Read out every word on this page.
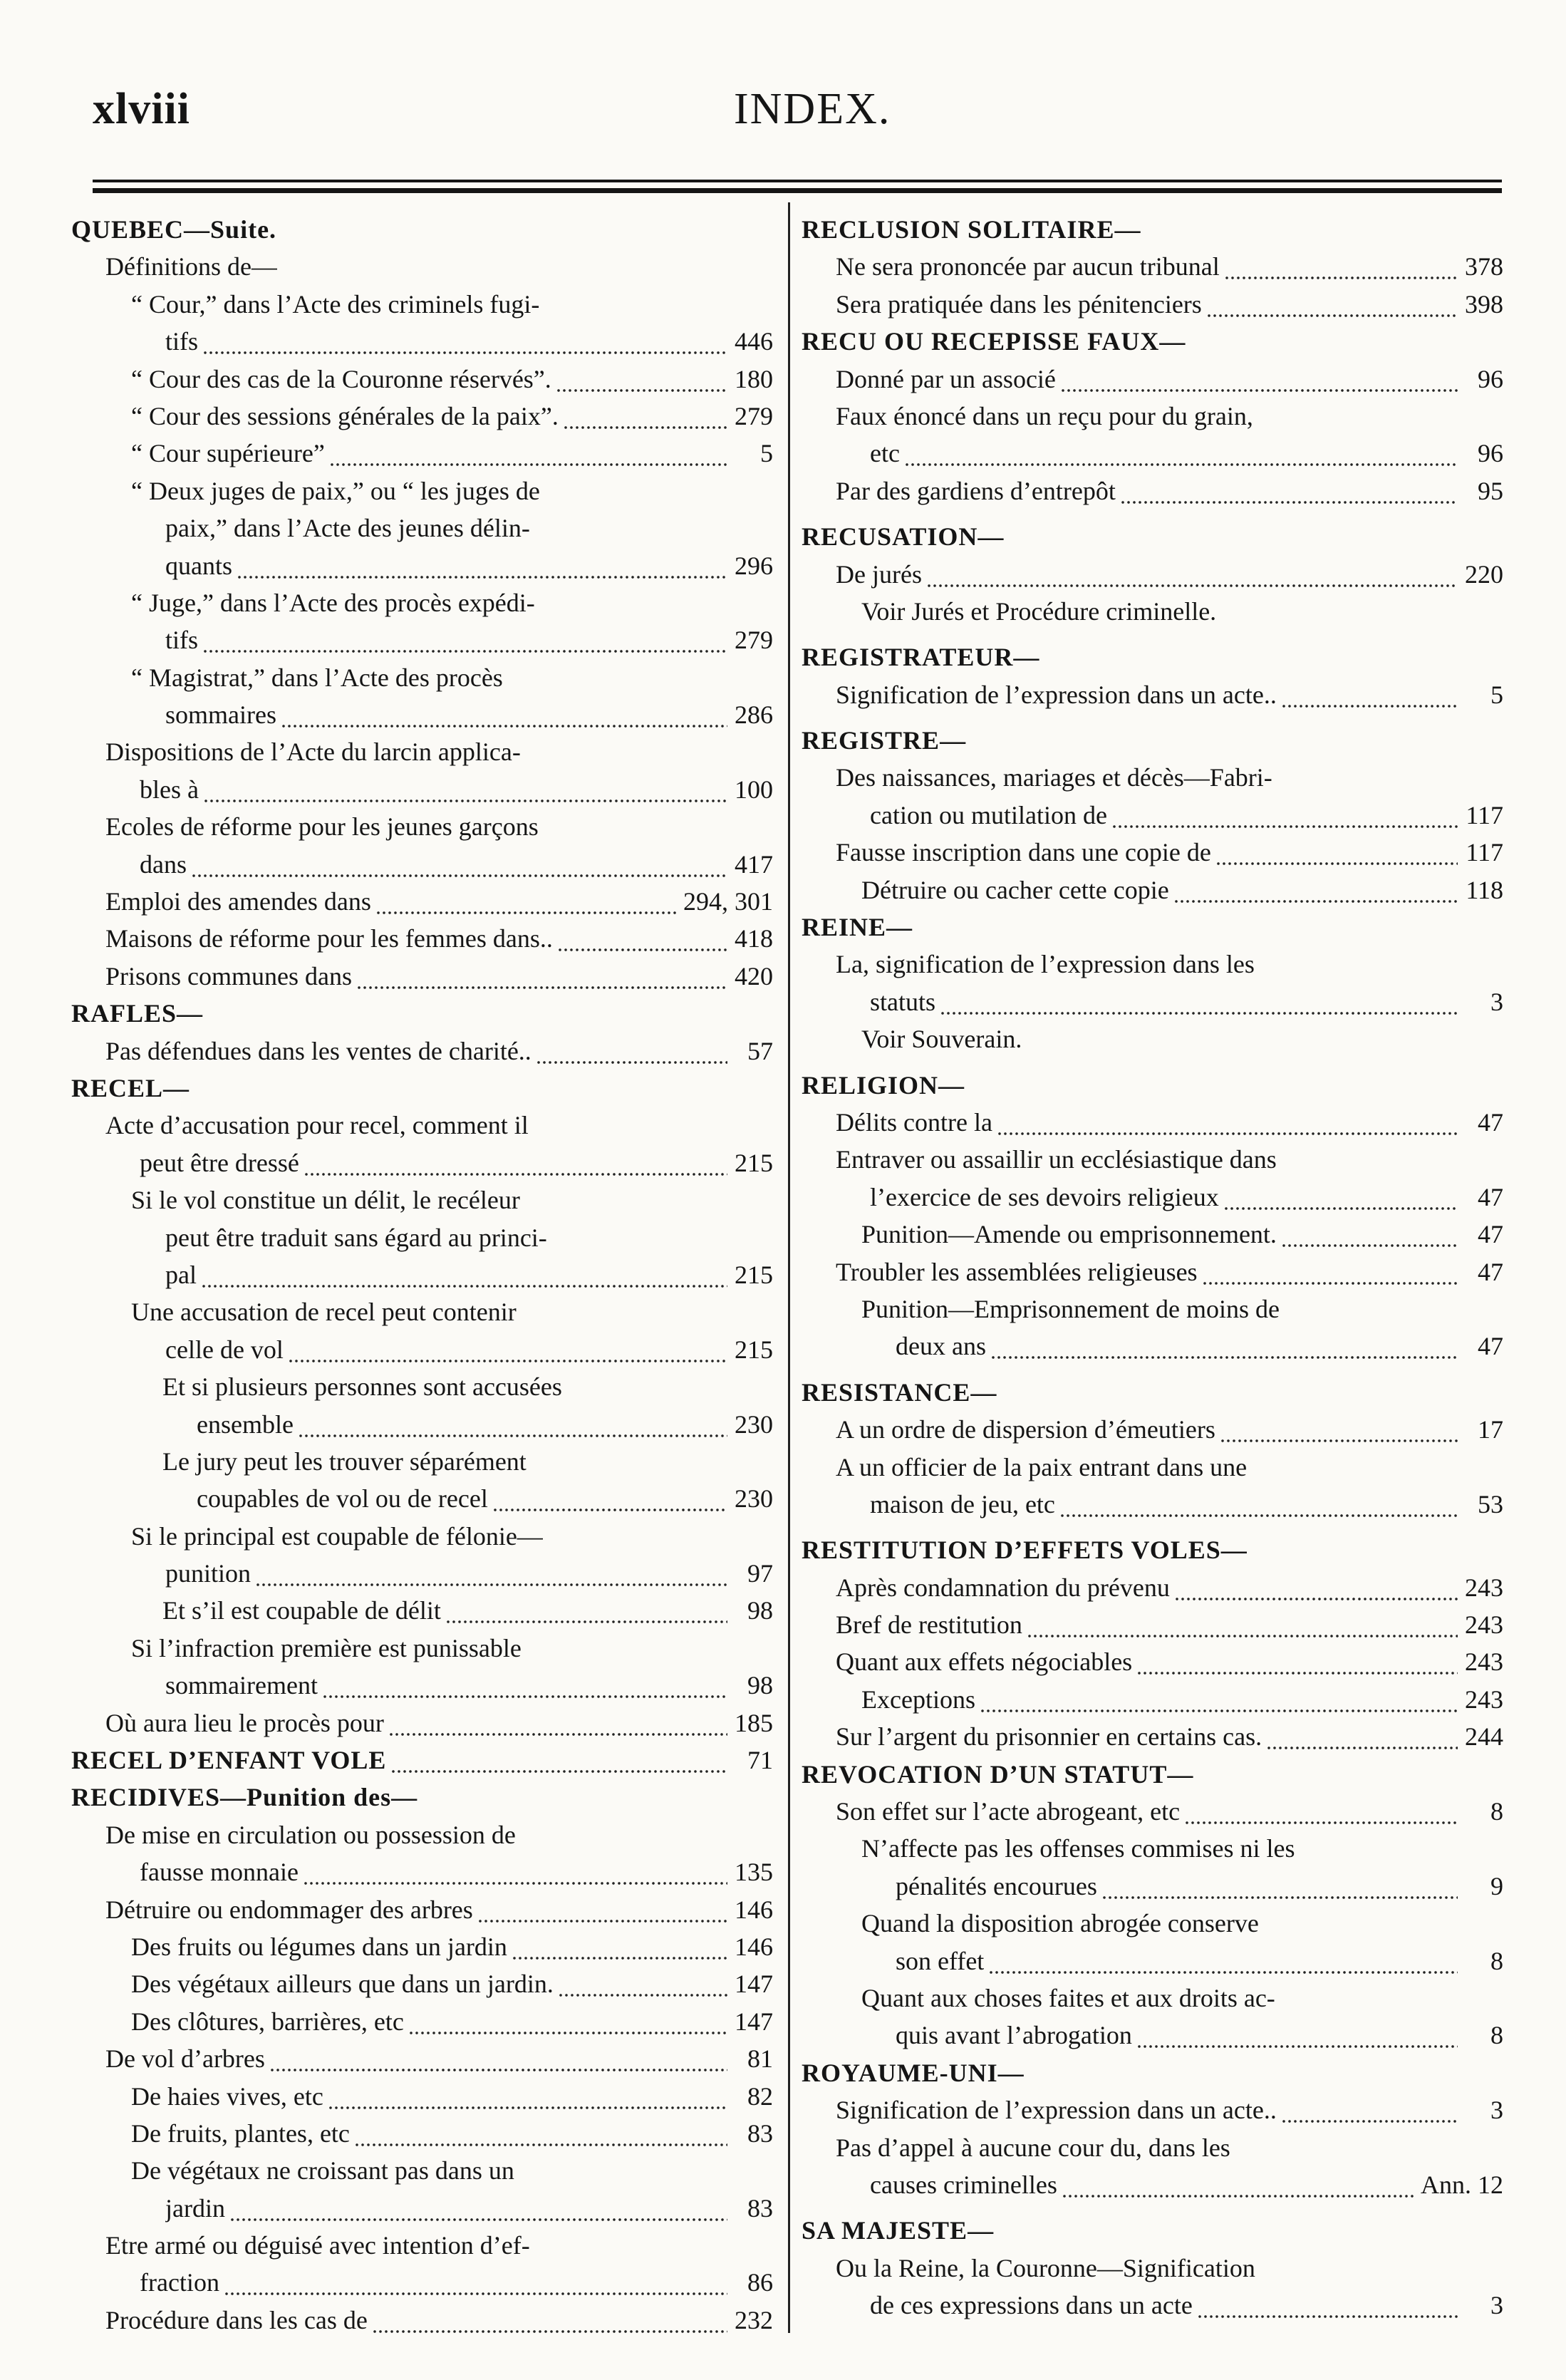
xlviii	INDEX.
QUEBEC—Suite.
Définitions de—
“ Cour,” dans l’Acte des criminels fugi-
tifs	446
“ Cour des cas de la Couronne réservés”.	180
“ Cour des sessions générales de la paix”.	279
“ Cour supérieure”	5
“ Deux juges de paix,” ou “ les juges de
paix,” dans l’Acte des jeunes délin-
quants	296
“ Juge,” dans l’Acte des procès expédi-
tifs	279
“ Magistrat,” dans l’Acte des procès
sommaires	286
Dispositions de l’Acte du larcin applica-
bles à	100
Ecoles de réforme pour les jeunes garçons
dans	417
Emploi des amendes dans	294, 301
Maisons de réforme pour les femmes dans..	418
Prisons communes dans	420
RAFLES—
Pas défendues dans les ventes de charité..	57
RECEL—
Acte d’accusation pour recel, comment il
peut être dressé	215
Si le vol constitue un délit, le recéleur
peut être traduit sans égard au princi-
pal	215
Une accusation de recel peut contenir
celle de vol	215
Et si plusieurs personnes sont accusées
ensemble	230
Le jury peut les trouver séparément
coupables de vol ou de recel	230
Si le principal est coupable de félonie—
punition	97
Et s’il est coupable de délit	98
Si l’infraction première est punissable
sommairement	98
Où aura lieu le procès pour	185
RECEL D’ENFANT VOLE	71
RECIDIVES—Punition des—
De mise en circulation ou possession de
fausse monnaie	135
Détruire ou endommager des arbres	146
Des fruits ou légumes dans un jardin	146
Des végétaux ailleurs que dans un jardin.	147
Des clôtures, barrières, etc	147
De vol d’arbres	81
De haies vives, etc	82
De fruits, plantes, etc	83
De végétaux ne croissant pas dans un
jardin	83
Etre armé ou déguisé avec intention d’ef-
fraction	86
Procédure dans les cas de	232
RECLUSION SOLITAIRE—
Ne sera prononcée par aucun tribunal	378
Sera pratiquée dans les pénitenciers	398
RECU OU RECEPISSE FAUX—
Donné par un associé	96
Faux énoncé dans un reçu pour du grain,
etc	96
Par des gardiens d’entrepôt	95
RECUSATION—
De jurés	220
Voir Jurés et Procédure criminelle.
REGISTRATEUR—
Signification de l’expression dans un acte..	5
REGISTRE—
Des naissances, mariages et décès—Fabri-
cation ou mutilation de	117
Fausse inscription dans une copie de	117
Détruire ou cacher cette copie	118
REINE—
La, signification de l’expression dans les
statuts	3
Voir Souverain.
RELIGION—
Délits contre la	47
Entraver ou assaillir un ecclésiastique dans
l’exercice de ses devoirs religieux	47
Punition—Amende ou emprisonnement.	47
Troubler les assemblées religieuses	47
Punition—Emprisonnement de moins de
deux ans	47
RESISTANCE—
A un ordre de dispersion d’émeutiers	17
A un officier de la paix entrant dans une
maison de jeu, etc	53
RESTITUTION D’EFFETS VOLES—
Après condamnation du prévenu	243
Bref de restitution	243
Quant aux effets négociables	243
Exceptions	243
Sur l’argent du prisonnier en certains cas.	244
REVOCATION D’UN STATUT—
Son effet sur l’acte abrogeant, etc	8
N’affecte pas les offenses commises ni les
pénalités encourues	9
Quand la disposition abrogée conserve
son effet	8
Quant aux choses faites et aux droits ac-
quis avant l’abrogation	8
ROYAUME-UNI—
Signification de l’expression dans un acte..	3
Pas d’appel à aucune cour du, dans les
causes criminelles	Ann. 12
SA MAJESTE—
Ou la Reine, la Couronne—Signification
de ces expressions dans un acte	3
